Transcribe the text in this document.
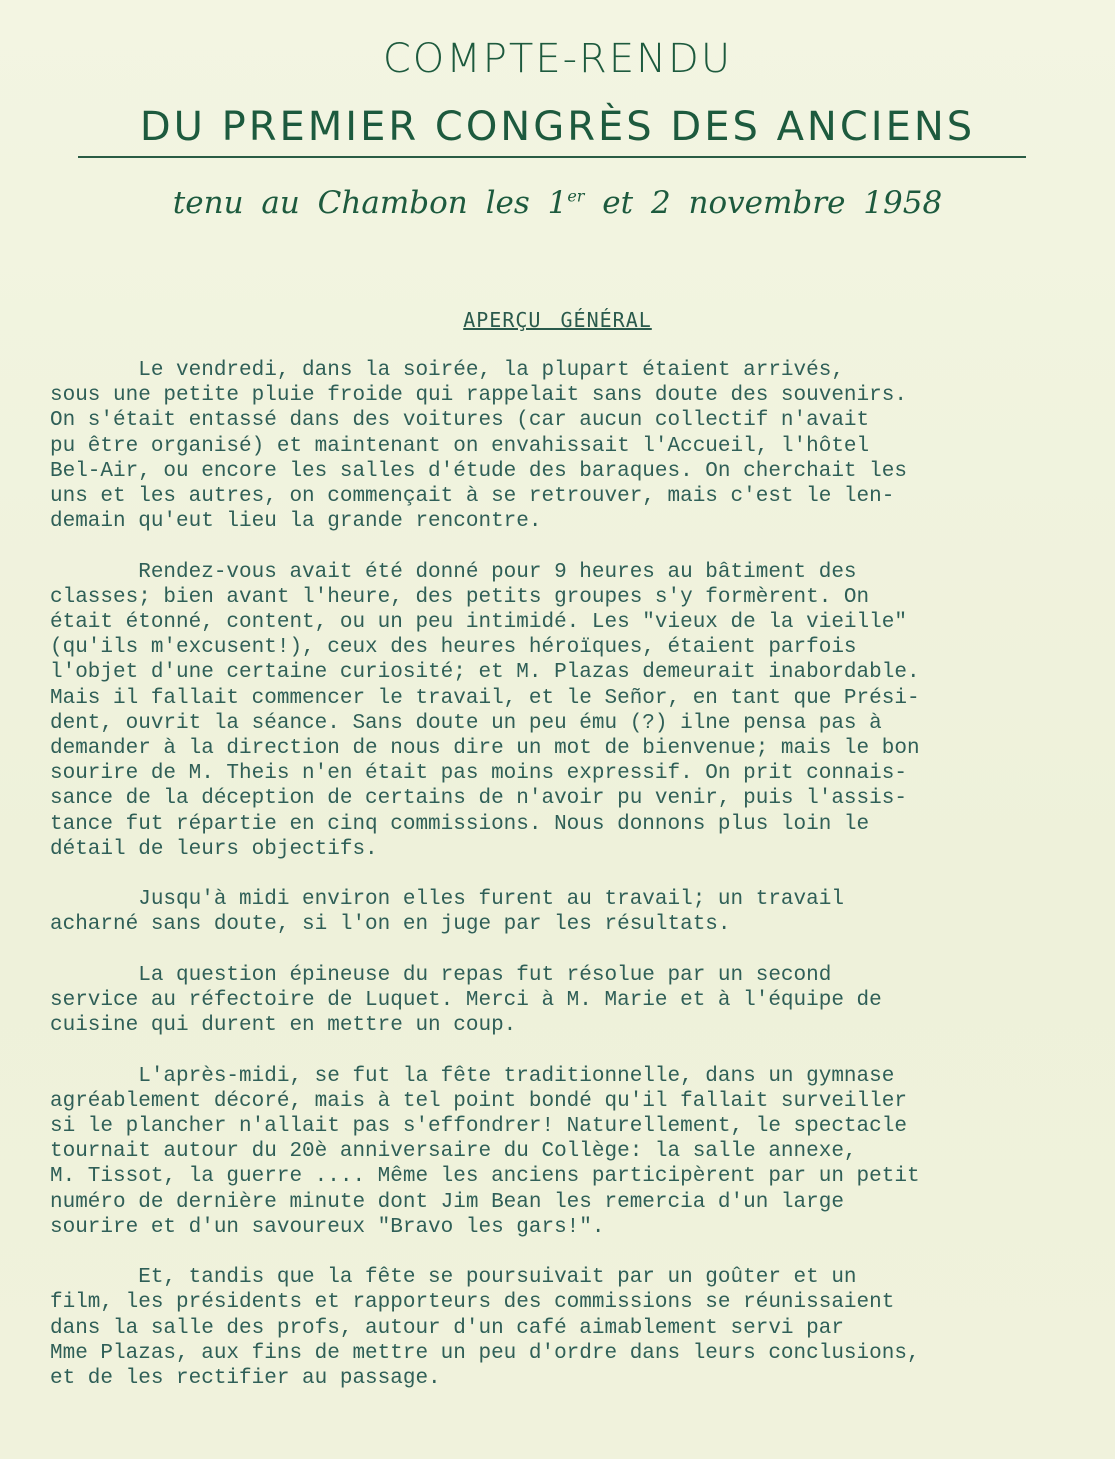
COMPTE-RENDU
DU PREMIER CONGRÈS DES ANCIENS
tenu au Chambon les 1er et 2 novembre 1958
APERÇU GÉNÉRAL

Le vendredi, dans la soirée, la plupart étaient arrivés,
sous une petite pluie froide qui rappelait sans doute des souvenirs.
On s'était entassé dans des voitures (car aucun collectif n'avait
pu être organisé) et maintenant on envahissait l'Accueil, l'hôtel
Bel-Air, ou encore les salles d'étude des baraques. On cherchait les
uns et les autres, on commençait à se retrouver, mais c'est le len-
demain qu'eut lieu la grande rencontre.

Rendez-vous avait été donné pour 9 heures au bâtiment des
classes; bien avant l'heure, des petits groupes s'y formèrent. On
était étonné, content, ou un peu intimidé. Les "vieux de la vieille"
(qu'ils m'excusent!), ceux des heures héroïques, étaient parfois
l'objet d'une certaine curiosité; et M. Plazas demeurait inabordable.
Mais il fallait commencer le travail, et le Señor, en tant que Prési-
dent, ouvrit la séance. Sans doute un peu ému (?) ilne pensa pas à
demander à la direction de nous dire un mot de bienvenue; mais le bon
sourire de M. Theis n'en était pas moins expressif. On prit connais-
sance de la déception de certains de n'avoir pu venir, puis l'assis-
tance fut répartie en cinq commissions. Nous donnons plus loin le
détail de leurs objectifs.

Jusqu'à midi environ elles furent au travail; un travail
acharné sans doute, si l'on en juge par les résultats.

La question épineuse du repas fut résolue par un second
service au réfectoire de Luquet. Merci à M. Marie et à l'équipe de
cuisine qui durent en mettre un coup.

L'après-midi, se fut la fête traditionnelle, dans un gymnase
agréablement décoré, mais à tel point bondé qu'il fallait surveiller
si le plancher n'allait pas s'effondrer! Naturellement, le spectacle
tournait autour du 20è anniversaire du Collège: la salle annexe,
M. Tissot, la guerre .... Même les anciens participèrent par un petit
numéro de dernière minute dont Jim Bean les remercia d'un large
sourire et d'un savoureux "Bravo les gars!".

Et, tandis que la fête se poursuivait par un goûter et un
film, les présidents et rapporteurs des commissions se réunissaient
dans la salle des profs, autour d'un café aimablement servi par
Mme Plazas, aux fins de mettre un peu d'ordre dans leurs conclusions,
et de les rectifier au passage.
